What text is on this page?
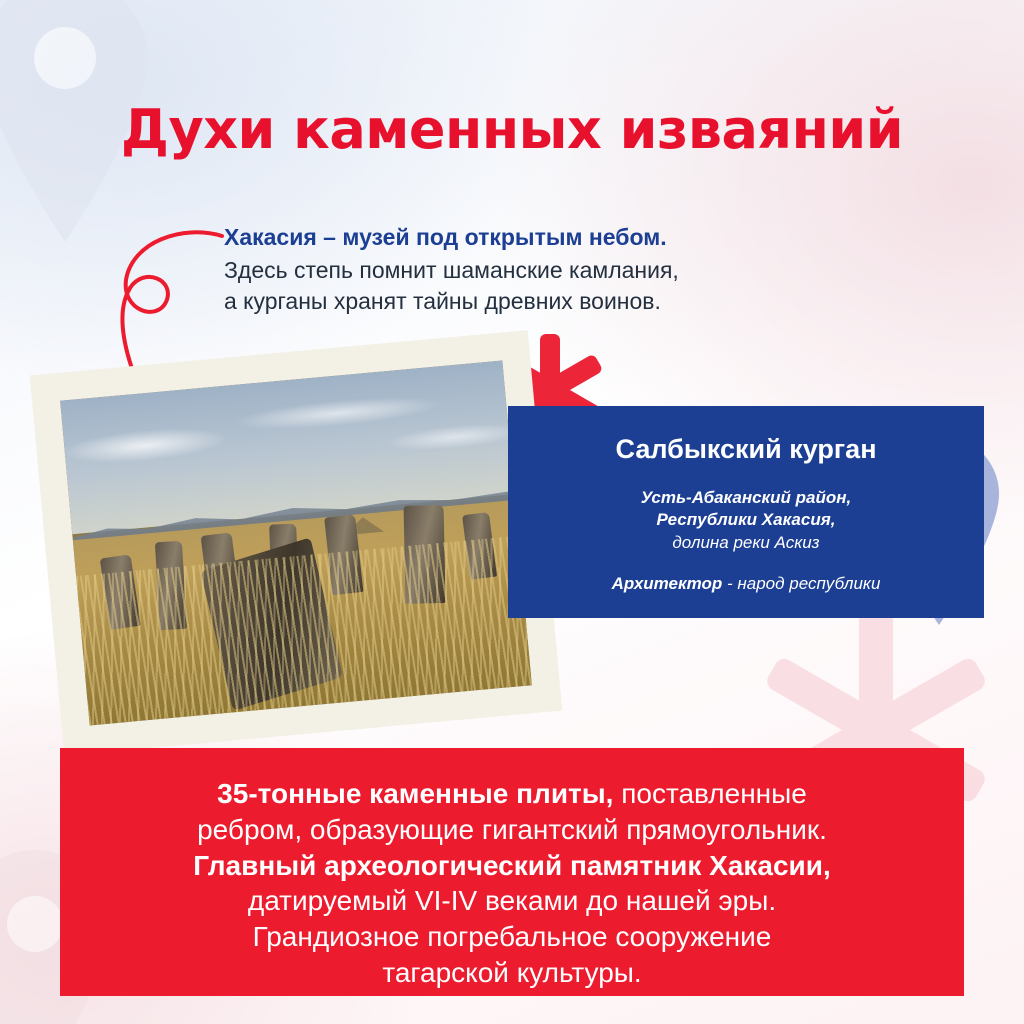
Духи каменных изваяний
Хакасия – музей под открытым небом.
Здесь степь помнит шаманские камлания,
а курганы хранят тайны древних воинов.
Салбыкский курган
Усть-Абаканский район,
Республики Хакасия,
долина реки Аскиз
Архитектор - народ республики
35-тонные каменные плиты, поставленные
ребром, образующие гигантский прямоугольник.
Главный археологический памятник Хакасии,
датируемый VI-IV веками до нашей эры.
Грандиозное погребальное сооружение
тагарской культуры.
